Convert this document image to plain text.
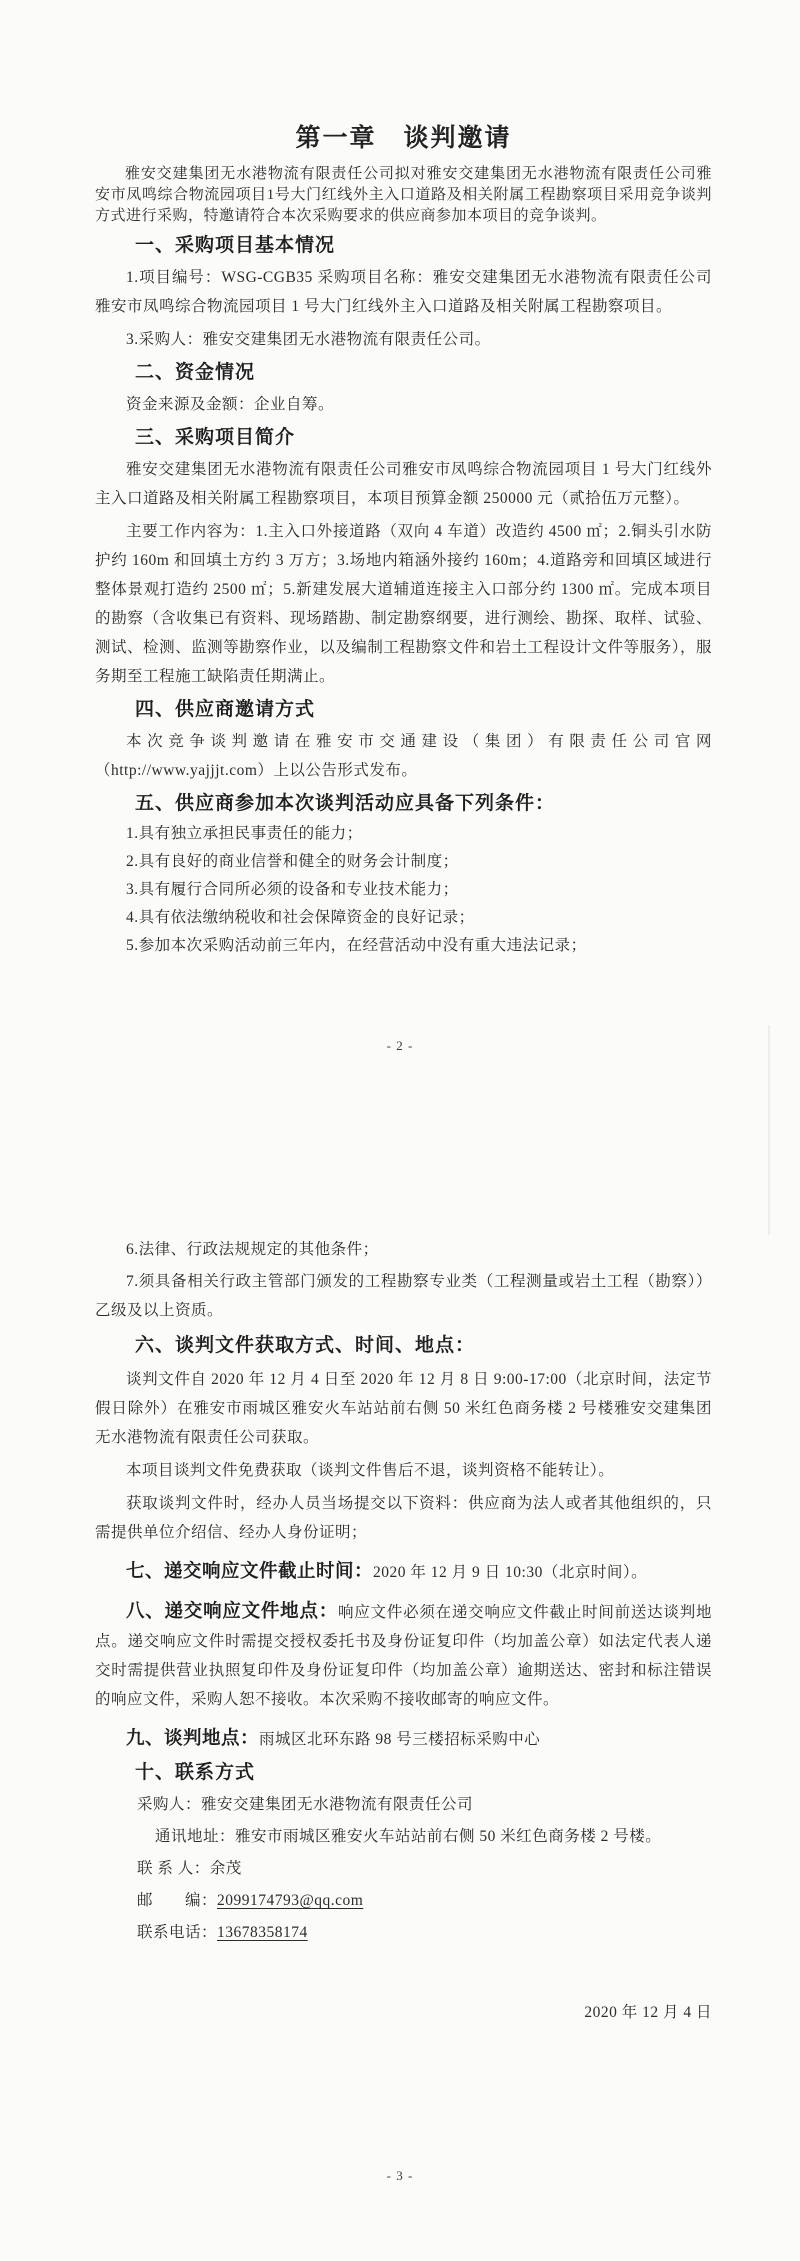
第一章　谈判邀请

雅安交建集团无水港物流有限责任公司拟对雅安交建集团无水港物流有限责任公司雅安市凤鸣综合物流园项目1号大门红线外主入口道路及相关附属工程勘察项目采用竞争谈判方式进行采购，特邀请符合本次采购要求的供应商参加本项目的竞争谈判。

一、采购项目基本情况

1.项目编号：WSG-CGB35 采购项目名称：雅安交建集团无水港物流有限责任公司雅安市凤鸣综合物流园项目 1 号大门红线外主入口道路及相关附属工程勘察项目。

3.采购人：雅安交建集团无水港物流有限责任公司。

二、资金情况

资金来源及金额：企业自筹。

三、采购项目简介

雅安交建集团无水港物流有限责任公司雅安市凤鸣综合物流园项目 1 号大门红线外主入口道路及相关附属工程勘察项目，本项目预算金额 250000 元（贰拾伍万元整）。

主要工作内容为：1.主入口外接道路（双向 4 车道）改造约 4500 ㎡；2.铜头引水防护约 160m 和回填土方约 3 万方；3.场地内箱涵外接约 160m；4.道路旁和回填区域进行整体景观打造约 2500 ㎡；5.新建发展大道辅道连接主入口部分约 1300 ㎡。完成本项目的勘察（含收集已有资料、现场踏勘、制定勘察纲要，进行测绘、勘探、取样、试验、测试、检测、监测等勘察作业，以及编制工程勘察文件和岩土工程设计文件等服务），服务期至工程施工缺陷责任期满止。

四、供应商邀请方式

本次竞争谈判邀请在雅安市交通建设（集团）有限责任公司官网（http://www.yajjjt.com）上以公告形式发布。

五、供应商参加本次谈判活动应具备下列条件：

1.具有独立承担民事责任的能力；

2.具有良好的商业信誉和健全的财务会计制度；

3.具有履行合同所必须的设备和专业技术能力；

4.具有依法缴纳税收和社会保障资金的良好记录；

5.参加本次采购活动前三年内，在经营活动中没有重大违法记录；

- 2 -

6.法律、行政法规规定的其他条件；

7.须具备相关行政主管部门颁发的工程勘察专业类（工程测量或岩土工程（勘察））乙级及以上资质。

六、谈判文件获取方式、时间、地点：

谈判文件自 2020 年 12 月 4 日至 2020 年 12 月 8 日 9:00-17:00（北京时间，法定节假日除外）在雅安市雨城区雅安火车站站前右侧 50 米红色商务楼 2 号楼雅安交建集团无水港物流有限责任公司获取。

本项目谈判文件免费获取（谈判文件售后不退，谈判资格不能转让）。

获取谈判文件时，经办人员当场提交以下资料：供应商为法人或者其他组织的，只需提供单位介绍信、经办人身份证明；

七、递交响应文件截止时间：2020 年 12 月 9 日 10:30（北京时间）。

八、递交响应文件地点：响应文件必须在递交响应文件截止时间前送达谈判地点。递交响应文件时需提交授权委托书及身份证复印件（均加盖公章）如法定代表人递交时需提供营业执照复印件及身份证复印件（均加盖公章）逾期送达、密封和标注错误的响应文件，采购人恕不接收。本次采购不接收邮寄的响应文件。

九、谈判地点：雨城区北环东路 98 号三楼招标采购中心

十、联系方式

采购人：雅安交建集团无水港物流有限责任公司

通讯地址：雅安市雨城区雅安火车站站前右侧 50 米红色商务楼 2 号楼。

联 系 人：余茂

邮　　编：2099174793@qq.com

联系电话：13678358174

2020 年 12 月 4 日

- 3 -
